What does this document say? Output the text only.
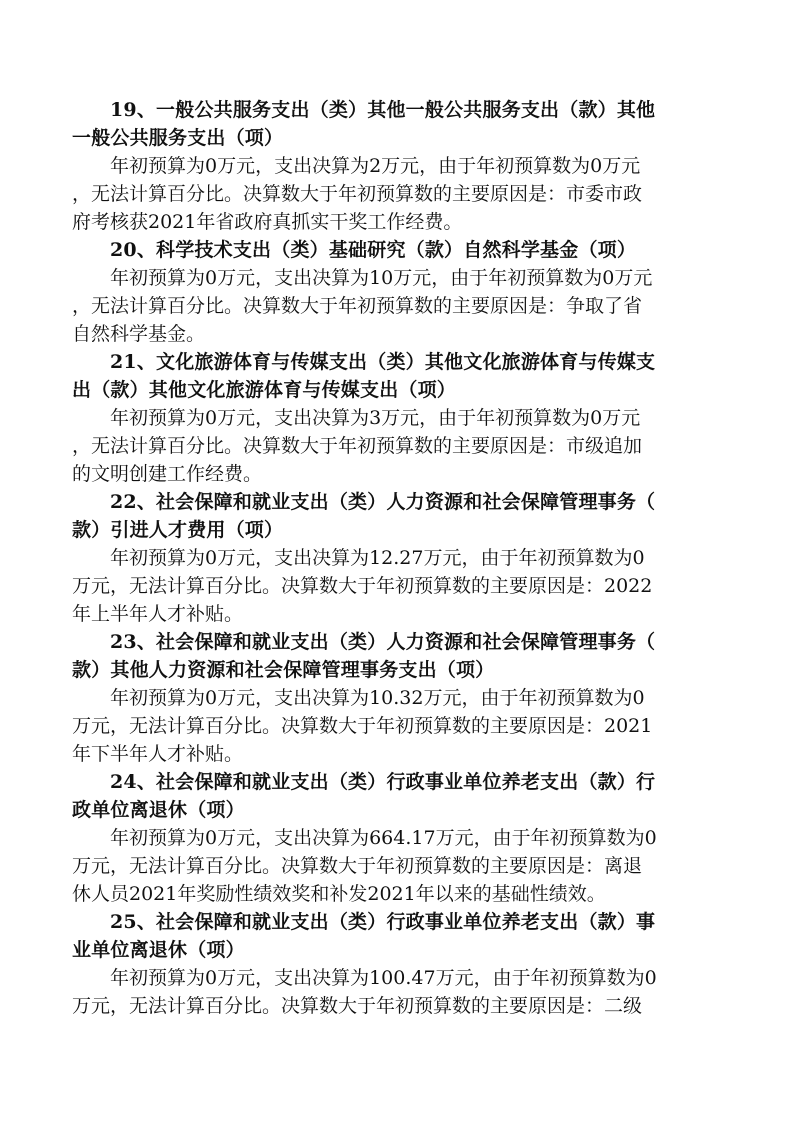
19、一般公共服务支出（类）其他一般公共服务支出（款）其他
一般公共服务支出（项）
年初预算为0万元，支出决算为2万元，由于年初预算数为0万元
，无法计算百分比。决算数大于年初预算数的主要原因是：市委市政
府考核获2021年省政府真抓实干奖工作经费。
20、科学技术支出（类）基础研究（款）自然科学基金（项）
年初预算为0万元，支出决算为10万元，由于年初预算数为0万元
，无法计算百分比。决算数大于年初预算数的主要原因是：争取了省
自然科学基金。
21、文化旅游体育与传媒支出（类）其他文化旅游体育与传媒支
出（款）其他文化旅游体育与传媒支出（项）
年初预算为0万元，支出决算为3万元，由于年初预算数为0万元
，无法计算百分比。决算数大于年初预算数的主要原因是：市级追加
的文明创建工作经费。
22、社会保障和就业支出（类）人力资源和社会保障管理事务（
款）引进人才费用（项）
年初预算为0万元，支出决算为12.27万元，由于年初预算数为0
万元，无法计算百分比。决算数大于年初预算数的主要原因是：2022
年上半年人才补贴。
23、社会保障和就业支出（类）人力资源和社会保障管理事务（
款）其他人力资源和社会保障管理事务支出（项）
年初预算为0万元，支出决算为10.32万元，由于年初预算数为0
万元，无法计算百分比。决算数大于年初预算数的主要原因是：2021
年下半年人才补贴。
24、社会保障和就业支出（类）行政事业单位养老支出（款）行
政单位离退休（项）
年初预算为0万元，支出决算为664.17万元，由于年初预算数为0
万元，无法计算百分比。决算数大于年初预算数的主要原因是：离退
休人员2021年奖励性绩效奖和补发2021年以来的基础性绩效。
25、社会保障和就业支出（类）行政事业单位养老支出（款）事
业单位离退休（项）
年初预算为0万元，支出决算为100.47万元，由于年初预算数为0
万元，无法计算百分比。决算数大于年初预算数的主要原因是：二级
